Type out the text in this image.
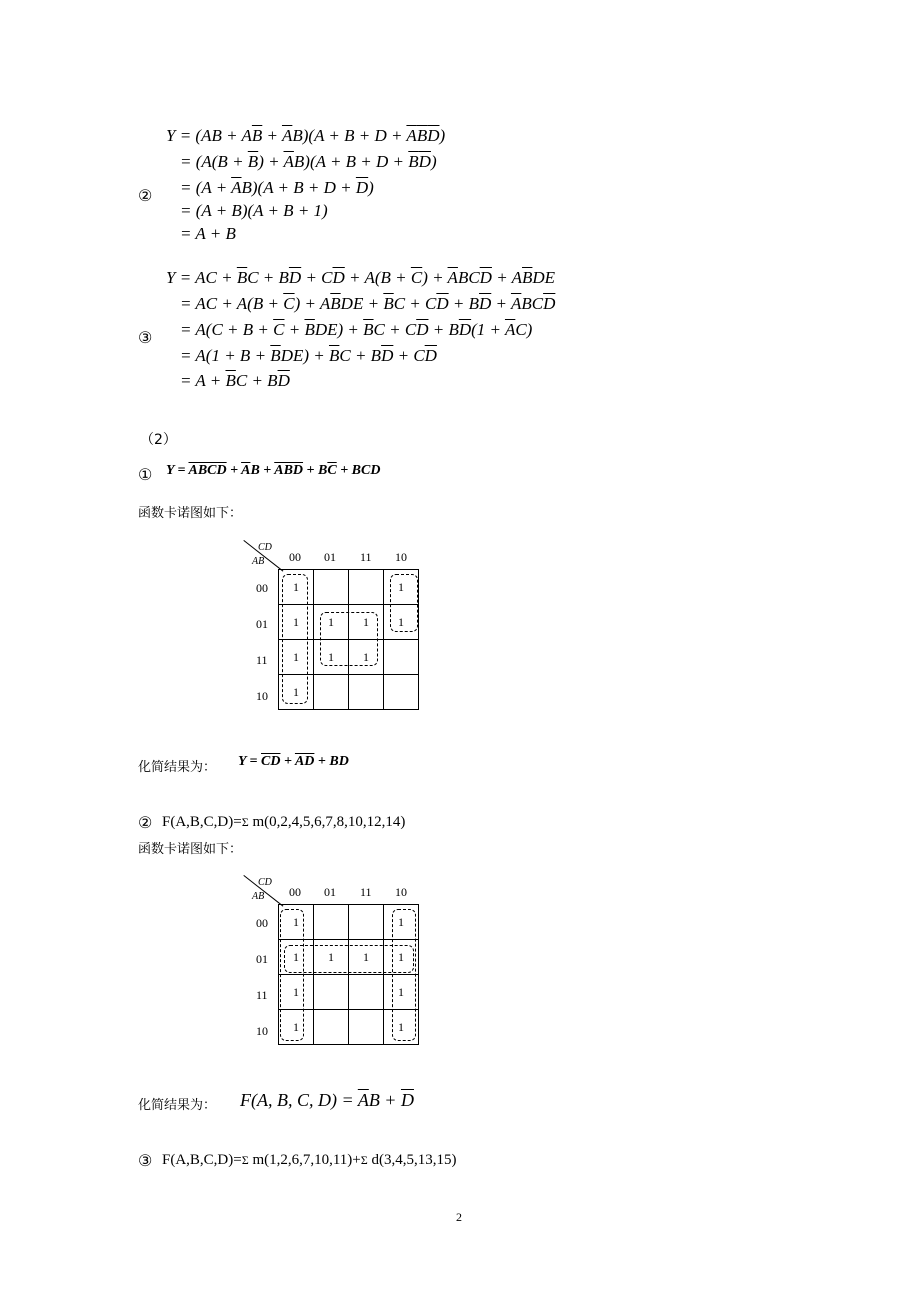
$Y = (AB + A\overline{B} + \overline{A}B)(A + B + D + \overline{A}\overline{B}\overline{D})$
= $(A(B + \overline{B}) + \overline{A}B)(A + B + D + \overline{B}\overline{D})$
② = $(A + \overline{A}B)(A + B + D + \overline{D})$
= (A + B)(A + B + 1)
= A + B
Y = AC + $\overline{B}C + B\overline{D} + C\overline{D} + A(B + \overline{C}) + \overline{A}BC\overline{D} + A\overline{B}DE$
= AC + $A(B + \overline{C}) + A\overline{B}DE + \overline{B}C + C\overline{D} + B\overline{D} + \overline{A}BC\overline{D}$
③ = $A(C + B + \overline{C} + \overline{B}DE) + \overline{B}C + C\overline{D} + B\overline{D}(1 + \overline{A}C)$
= $A(1 + B + \overline{B}DE) + \overline{B}C + B\overline{D} + C\overline{D}$
= $A + \overline{B}C + B\overline{D}$
（2）
① Y = ABCD + $\overline{A}B + \overline{ABD} + B\overline{C}$ + BCD
函数卡诺图如下：
CD
AB 00 01 11 10
00
01
11
10
1			1
1	1	1	1
1	1	1	
1			
化简结果为： $Y = \overline{CD} + \overline{AD}$ + BD
② F(A,B,C,D)=Σ m(0,2,4,5,6,7,8,10,12,14)
函数卡诺图如下：
CD
AB 00 01 11 10
00
01
11
10
1			1
1	1	1	1
1			1
1			1
化简结果为： F(A, B, C, $D) = \overline{A}B + \overline{D}$
③ F(A,B,C,D)=Σ m(1,2,6,7,10,11)+Σ d(3,4,5,13,15)
2
